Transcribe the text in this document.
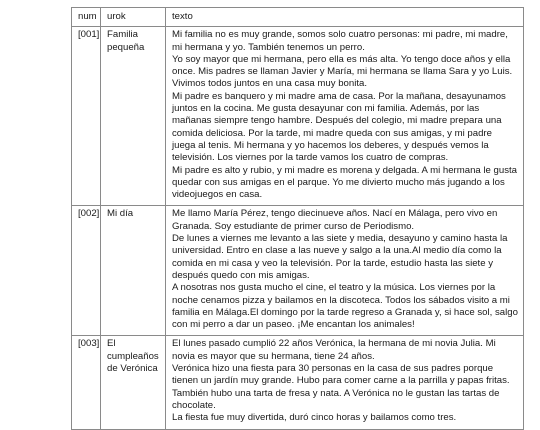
num	urok	texto
[001]	Familia pequeña	Mi familia no es muy grande, somos solo cuatro personas: mi padre, mi madre, mi hermana y yo. También tenemos un perro.
Yo soy mayor que mi hermana, pero ella es más alta. Yo tengo doce años y ella once. Mis padres se llaman Javier y María, mi hermana se llama Sara y yo Luis. Vivimos todos juntos en una casa muy bonita.
Mi padre es banquero y mi madre ama de casa. Por la mañana, desayunamos juntos en la cocina. Me gusta desayunar con mi familia. Además, por las mañanas siempre tengo hambre. Después del colegio, mi madre prepara una comida deliciosa. Por la tarde, mi madre queda con sus amigas, y mi padre juega al tenis. Mi hermana y yo hacemos los deberes, y después vemos la televisión. Los viernes por la tarde vamos los cuatro de compras.
Mi padre es alto y rubio, y mi madre es morena y delgada. A mi hermana le gusta quedar con sus amigas en el parque. Yo me divierto mucho más jugando a los videojuegos en casa.

[002]	Mi día	Me llamo María Pérez, tengo diecinueve años. Nací en Málaga, pero vivo en Granada. Soy estudiante de primer curso de Periodismo.
De lunes a viernes me levanto a las siete y media, desayuno y camino hasta la universidad. Entro en clase a las nueve y salgo a la una.Al medio día como la comida en mi casa y veo la televisión. Por la tarde, estudio hasta las siete y después quedo con mis amigas.
A nosotras nos gusta mucho el cine, el teatro y la música. Los viernes por la noche cenamos pizza y bailamos en la discoteca. Todos los sábados visito a mi familia en Málaga.El domingo por la tarde regreso a Granada y, si hace sol, salgo con mi perro a dar un paseo. ¡Me encantan los animales!

[003]	El cumpleaños de Verónica	El lunes pasado cumplió 22 años Verónica, la hermana de mi novia Julia. Mi novia es mayor que su hermana, tiene 24 años.
Verónica hizo una fiesta para 30 personas en la casa de sus padres porque tienen un jardín muy grande. Hubo para comer carne a la parrilla y papas fritas. También hubo una tarta de fresa y nata. A Verónica no le gustan las tartas de chocolate.
La fiesta fue muy divertida, duró cinco horas y bailamos como tres.
